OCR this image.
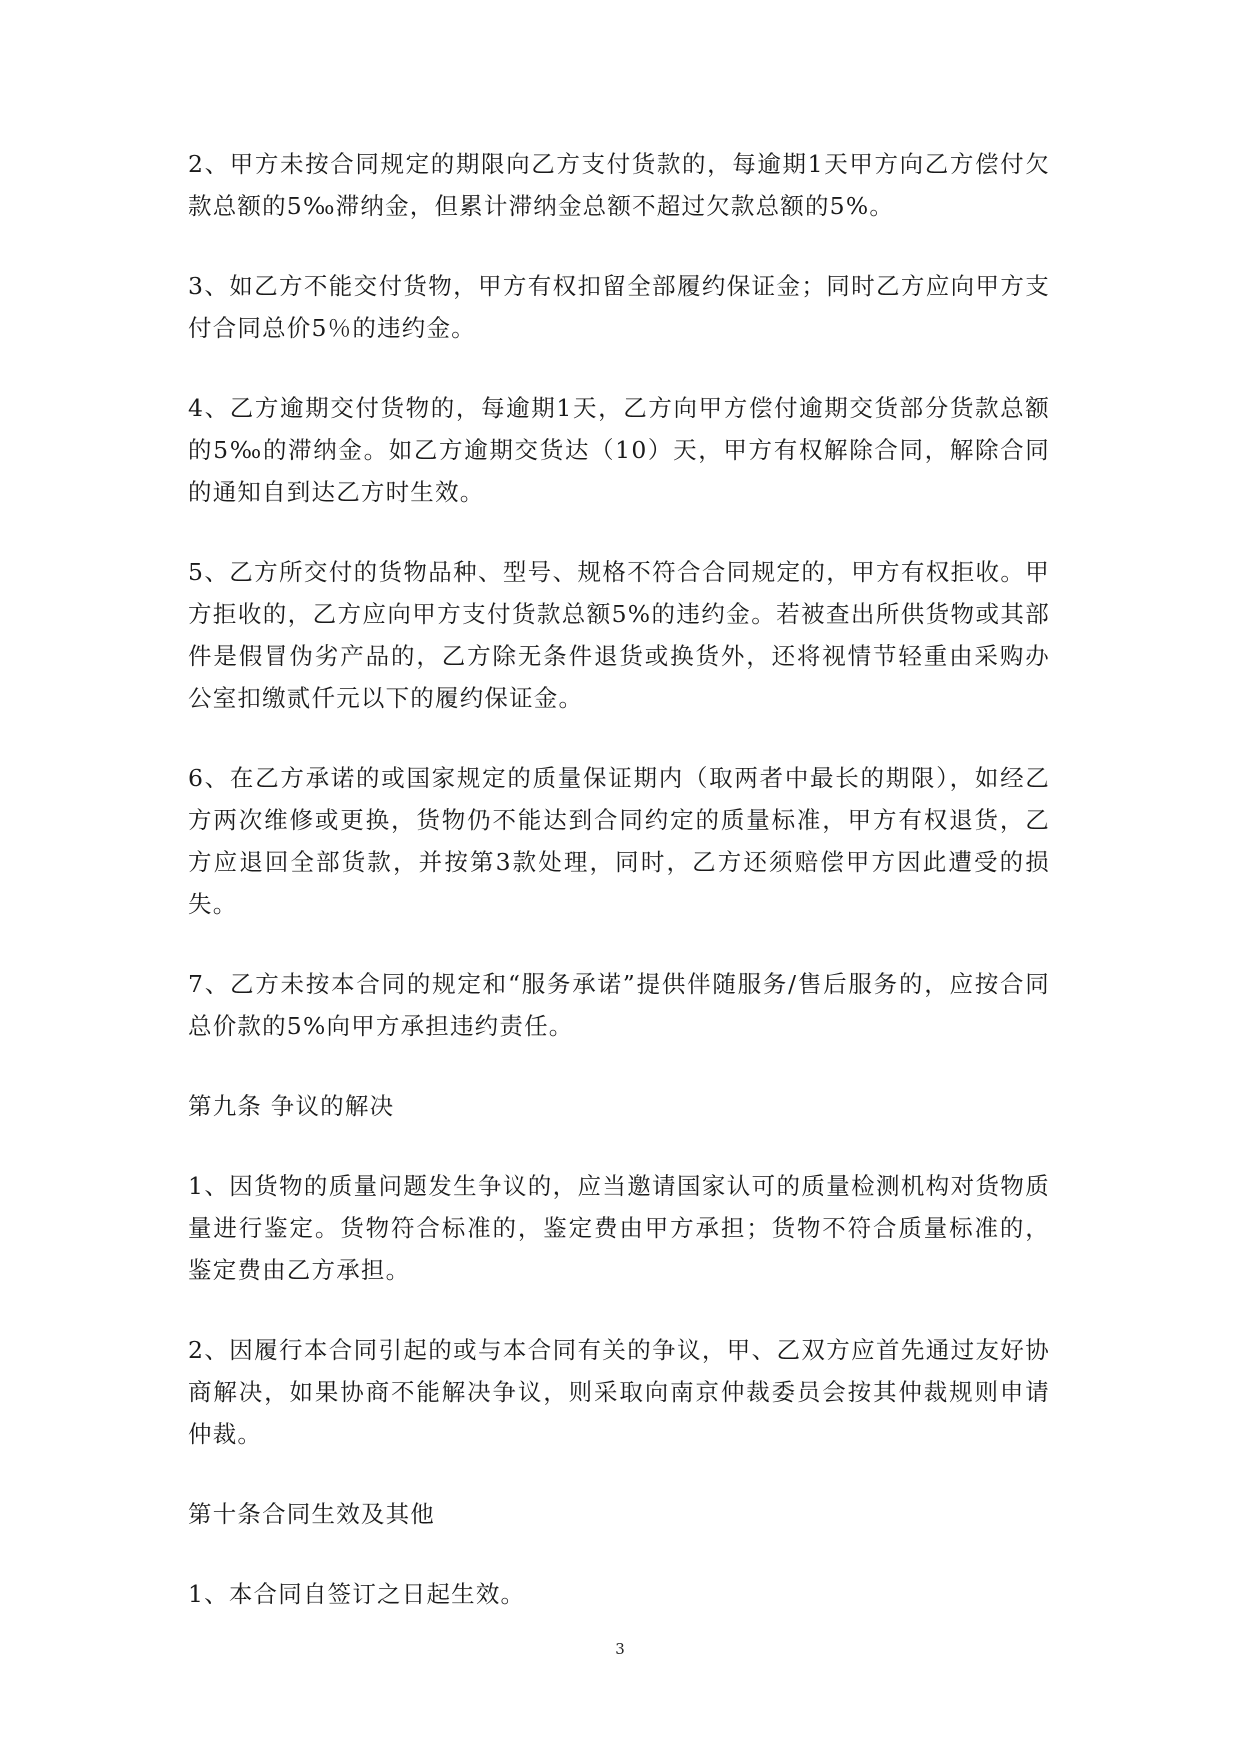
2、甲方未按合同规定的期限向乙方支付货款的，每逾期1天甲方向乙方偿付欠款总额的5‰滞纳金，但累计滞纳金总额不超过欠款总额的5%。

3、如乙方不能交付货物，甲方有权扣留全部履约保证金；同时乙方应向甲方支付合同总价5％的违约金。

4、乙方逾期交付货物的，每逾期1天，乙方向甲方偿付逾期交货部分货款总额的5‰的滞纳金。如乙方逾期交货达（10）天，甲方有权解除合同，解除合同的通知自到达乙方时生效。

5、乙方所交付的货物品种、型号、规格不符合合同规定的，甲方有权拒收。甲方拒收的，乙方应向甲方支付货款总额5%的违约金。若被查出所供货物或其部件是假冒伪劣产品的，乙方除无条件退货或换货外，还将视情节轻重由采购办公室扣缴贰仟元以下的履约保证金。

6、在乙方承诺的或国家规定的质量保证期内（取两者中最长的期限），如经乙方两次维修或更换，货物仍不能达到合同约定的质量标准，甲方有权退货，乙方应退回全部货款，并按第3款处理，同时，乙方还须赔偿甲方因此遭受的损失。

7、乙方未按本合同的规定和“服务承诺”提供伴随服务/售后服务的，应按合同总价款的5%向甲方承担违约责任。

第九条 争议的解决

1、因货物的质量问题发生争议的，应当邀请国家认可的质量检测机构对货物质量进行鉴定。货物符合标准的，鉴定费由甲方承担；货物不符合质量标准的，鉴定费由乙方承担。

2、因履行本合同引起的或与本合同有关的争议，甲、乙双方应首先通过友好协商解决，如果协商不能解决争议，则采取向南京仲裁委员会按其仲裁规则申请仲裁。

第十条合同生效及其他

1、本合同自签订之日起生效。

3
